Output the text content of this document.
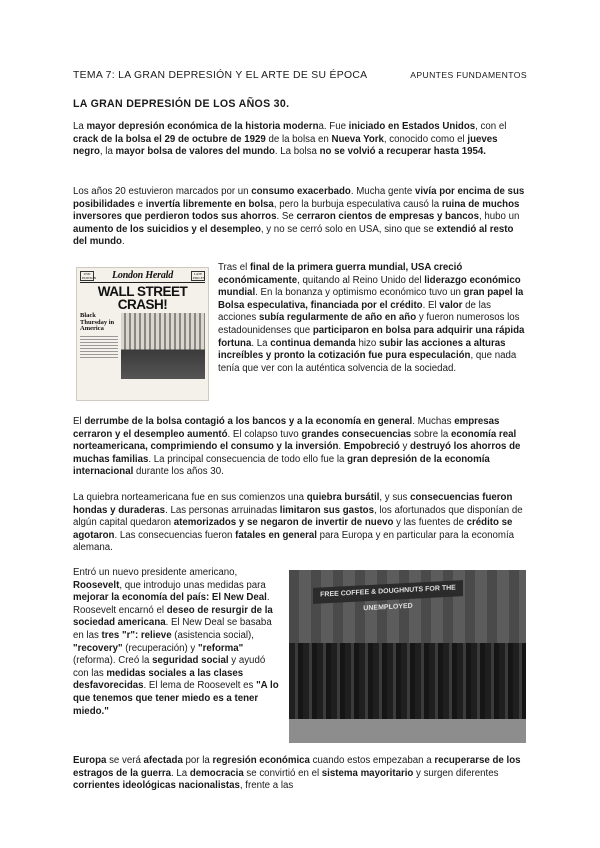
TEMA 7: LA GRAN DEPRESIÓN Y EL ARTE DE SU ÉPOCA	APUNTES FUNDAMENTOS
LA GRAN DEPRESIÓN DE LOS AÑOS 30.
La mayor depresión económica de la historia moderna. Fue iniciado en Estados Unidos, con el crack de la bolsa el 29 de octubre de 1929 de la bolsa en Nueva York, conocido como el jueves negro, la mayor bolsa de valores del mundo. La bolsa no se volvió a recuperar hasta 1954.
Los años 20 estuvieron marcados por un consumo exacerbado. Mucha gente vivía por encima de sus posibilidades e invertía libremente en bolsa, pero la burbuja especulativa causó la ruina de muchos inversores que perdieron todos sus ahorros. Se cerraron cientos de empresas y bancos, hubo un aumento de los suicidios y el desempleo, y no se cerró solo en USA, sino que se extendió al resto del mundo.
2ND EDITION London Herald	LATE PRICES
WALL STREET
CRASH!
Black Thursday in America
Tras el final de la primera guerra mundial, USA creció económicamente, quitando al Reino Unido del liderazgo económico mundial. En la bonanza y optimismo económico tuvo un gran papel la Bolsa especulativa, financiada por el crédito. El valor de las acciones subía regularmente de año en año y fueron numerosos los estadounidenses que participaron en bolsa para adquirir una rápida fortuna. La continua demanda hizo subir las acciones a alturas increíbles y pronto la cotización fue pura especulación, que nada tenía que ver con la auténtica solvencia de la sociedad.
El derrumbe de la bolsa contagió a los bancos y a la economía en general. Muchas empresas cerraron y el desempleo aumentó. El colapso tuvo grandes consecuencias sobre la economía real norteamericana, comprimiendo el consumo y la inversión. Empobreció y destruyó los ahorros de muchas familias. La principal consecuencia de todo ello fue la gran depresión de la economía internacional durante los años 30.
La quiebra norteamericana fue en sus comienzos una quiebra bursátil, y sus consecuencias fueron hondas y duraderas. Las personas arruinadas limitaron sus gastos, los afortunados que disponían de algún capital quedaron atemorizados y se negaron de invertir de nuevo y las fuentes de crédito se agotaron. Las consecuencias fueron fatales en general para Europa y en particular para la economía alemana.
Entró un nuevo presidente americano, Roosevelt, que introdujo unas medidas para mejorar la economía del país: El New Deal. Roosevelt encarnó el deseo de resurgir de la sociedad americana. El New Deal se basaba en las tres "r": relieve (asistencia social), "recovery" (recuperación) y "reforma" (reforma). Creó la seguridad social y ayudó con las medidas sociales a las clases desfavorecidas. El lema de Roosevelt es "A lo que tenemos que tener miedo es a tener miedo."
FREE COFFEE & DOUGHNUTS FOR THE UNEMPLOYED
Europa se verá afectada por la regresión económica cuando estos empezaban a recuperarse de los estragos de la guerra. La democracia se convirtió en el sistema mayoritario y surgen diferentes corrientes ideológicas nacionalistas, frente a las
